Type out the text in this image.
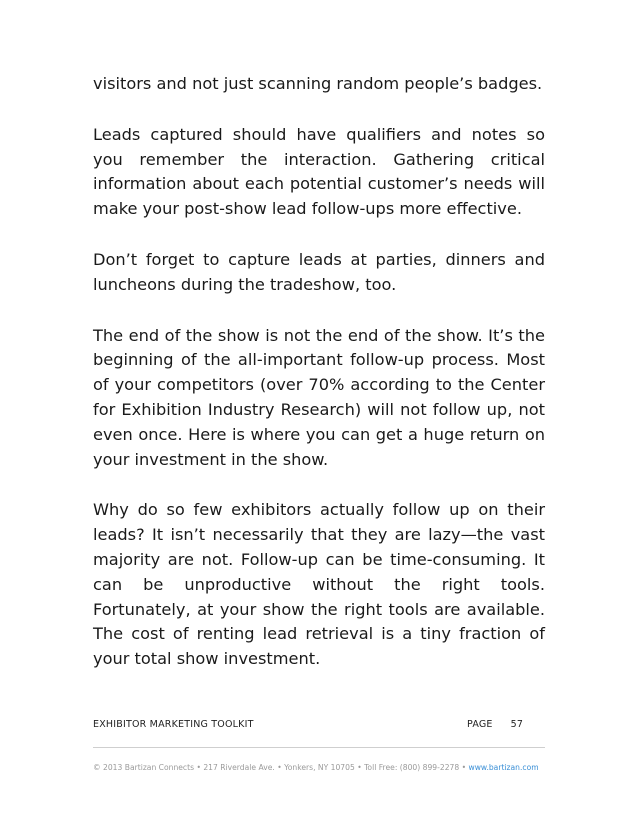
visitors and not just scanning random people’s badges.

Leads captured should have qualifiers and notes so you remember the interaction. Gathering critical information about each potential customer’s needs will make your post-show lead follow-ups more effective.

Don’t forget to capture leads at parties, dinners and luncheons during the tradeshow, too.

The end of the show is not the end of the show. It’s the beginning of the all-important follow-up process. Most of your competitors (over 70% according to the Center for Exhibition Industry Research) will not follow up, not even once. Here is where you can get a huge return on your investment in the show.

Why do so few exhibitors actually follow up on their leads? It isn’t necessarily that they are lazy—the vast majority are not. Follow-up can be time-consuming. It can be unproductive without the right tools. Fortunately, at your show the right tools are available. The cost of renting lead retrieval is a tiny fraction of your total show investment.

EXHIBITOR MARKETING TOOLKIT	PAGE 57
© 2013 Bartizan Connects • 217 Riverdale Ave. • Yonkers, NY 10705 • Toll Free: (800) 899-2278 • www.bartizan.com
